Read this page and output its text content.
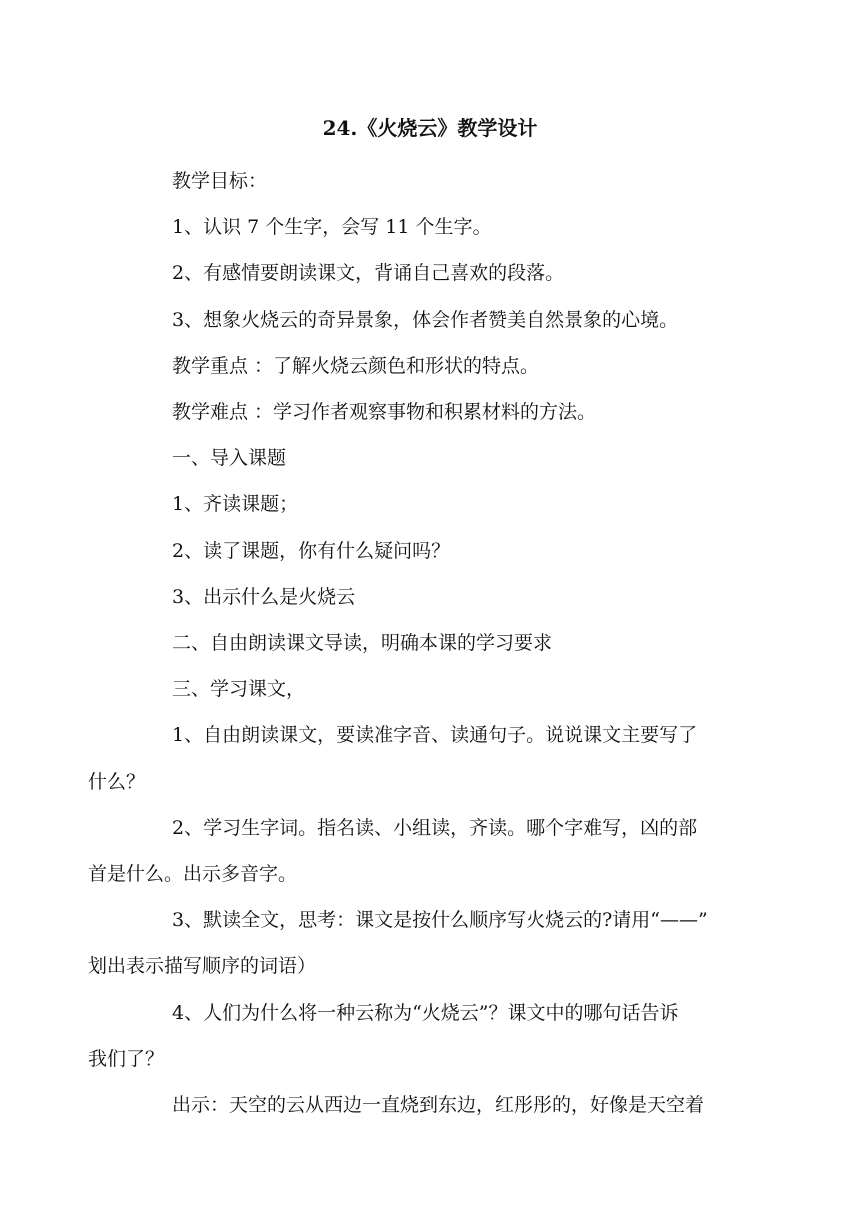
24.《火烧云》教学设计

教学目标：

1、认识 7 个生字，会写 11 个生字。

2、有感情要朗读课文，背诵自己喜欢的段落。

3、想象火烧云的奇异景象，体会作者赞美自然景象的心境。

教学重点 ：了解火烧云颜色和形状的特点。

教学难点 ：学习作者观察事物和积累材料的方法。

一、导入课题

1、齐读课题；

2、读了课题，你有什么疑问吗？

3、出示什么是火烧云

二、自由朗读课文导读，明确本课的学习要求

三、学习课文，

1、自由朗读课文，要读准字音、读通句子。说说课文主要写了
什么？

2、学习生字词。指名读、小组读，齐读。哪个字难写，凶的部
首是什么。出示多音字。

3、默读全文，思考：课文是按什么顺序写火烧云的?请用“——”
划出表示描写顺序的词语）

4、人们为什么将一种云称为“火烧云”？课文中的哪句话告诉
我们了？

出示：天空的云从西边一直烧到东边，红彤彤的，好像是天空着
